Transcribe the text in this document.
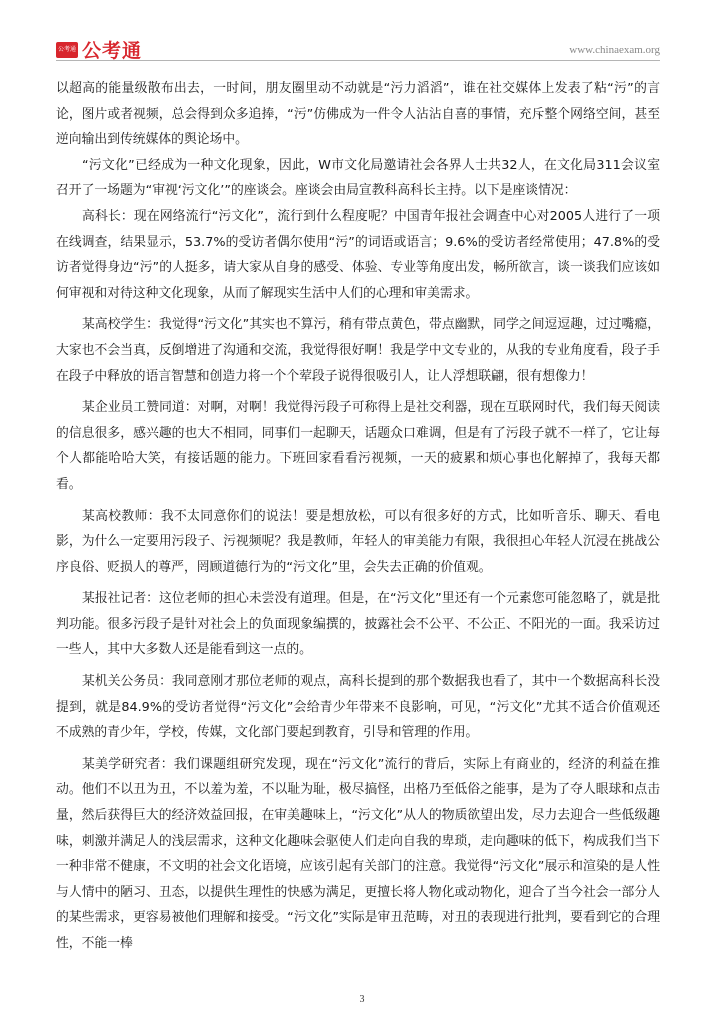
公考通 公考通	www.chinaexam.org

以超高的能量级散布出去，一时间，朋友圈里动不动就是“污力滔滔”，谁在社交媒体上发表了粘“污”的言论，图片或者视频，总会得到众多追捧，“污”仿佛成为一件令人沾沾自喜的事情，充斥整个网络空间，甚至逆向输出到传统媒体的舆论场中。

“污文化”已经成为一种文化现象，因此，W市文化局邀请社会各界人士共32人，在文化局311会议室召开了一场题为“审视‘污文化’”的座谈会。座谈会由局宣教科高科长主持。以下是座谈情况：

高科长：现在网络流行“污文化”，流行到什么程度呢？中国青年报社会调查中心对2005人进行了一项在线调查，结果显示，53.7%的受访者偶尔使用“污”的词语或语言；9.6%的受访者经常使用；47.8%的受访者觉得身边“污”的人挺多，请大家从自身的感受、体验、专业等角度出发，畅所欲言，谈一谈我们应该如何审视和对待这种文化现象，从而了解现实生活中人们的心理和审美需求。

某高校学生：我觉得“污文化”其实也不算污，稍有带点黄色，带点幽默，同学之间逗逗趣，过过嘴瘾，大家也不会当真，反倒增进了沟通和交流，我觉得很好啊！我是学中文专业的，从我的专业角度看，段子手在段子中释放的语言智慧和创造力将一个个荤段子说得很吸引人，让人浮想联翩，很有想像力！

某企业员工赞同道：对啊，对啊！我觉得污段子可称得上是社交利器，现在互联网时代，我们每天阅读的信息很多，感兴趣的也大不相同，同事们一起聊天，话题众口难调，但是有了污段子就不一样了，它让每个人都能哈哈大笑，有接话题的能力。下班回家看看污视频，一天的疲累和烦心事也化解掉了，我每天都看。

某高校教师：我不太同意你们的说法！要是想放松，可以有很多好的方式，比如听音乐、聊天、看电影，为什么一定要用污段子、污视频呢？我是教师，年轻人的审美能力有限，我很担心年轻人沉浸在挑战公序良俗、贬损人的尊严，罔顾道德行为的“污文化”里，会失去正确的价值观。

某报社记者：这位老师的担心未尝没有道理。但是，在“污文化”里还有一个元素您可能忽略了，就是批判功能。很多污段子是针对社会上的负面现象编撰的，披露社会不公平、不公正、不阳光的一面。我采访过一些人，其中大多数人还是能看到这一点的。

某机关公务员：我同意刚才那位老师的观点，高科长提到的那个数据我也看了，其中一个数据高科长没提到，就是84.9%的受访者觉得“污文化”会给青少年带来不良影响，可见，“污文化”尤其不适合价值观还不成熟的青少年，学校，传媒，文化部门要起到教育，引导和管理的作用。

某美学研究者：我们课题组研究发现，现在“污文化”流行的背后，实际上有商业的，经济的利益在推动。他们不以丑为丑，不以羞为羞，不以耻为耻，极尽搞怪，出格乃至低俗之能事，是为了夺人眼球和点击量，然后获得巨大的经济效益回报，在审美趣味上，“污文化”从人的物质欲望出发，尽力去迎合一些低级趣味，刺激并满足人的浅层需求，这种文化趣味会驱使人们走向自我的卑琐，走向趣味的低下，构成我们当下一种非常不健康，不文明的社会文化语境，应该引起有关部门的注意。我觉得“污文化”展示和渲染的是人性与人情中的陋习、丑态，以提供生理性的快感为满足，更擅长将人物化或动物化，迎合了当今社会一部分人的某些需求，更容易被他们理解和接受。“污文化”实际是审丑范畴，对丑的表现进行批判，要看到它的合理性，不能一棒

3
